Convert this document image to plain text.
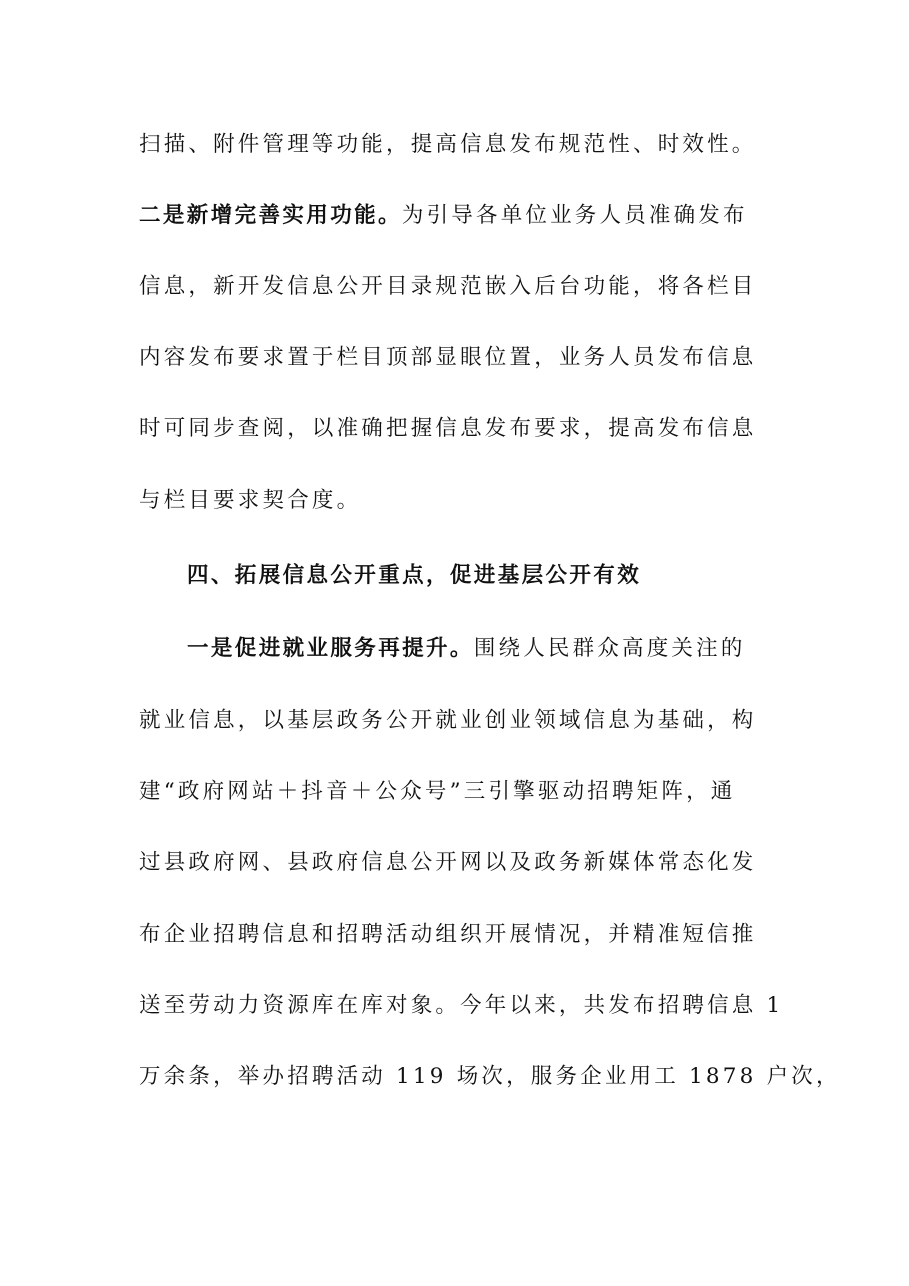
扫描、附件管理等功能，提高信息发布规范性、时效性。
二是新增完善实用功能。为引导各单位业务人员准确发布
信息，新开发信息公开目录规范嵌入后台功能，将各栏目
内容发布要求置于栏目顶部显眼位置，业务人员发布信息
时可同步查阅，以准确把握信息发布要求，提高发布信息
与栏目要求契合度。
四、拓展信息公开重点，促进基层公开有效
一是促进就业服务再提升。围绕人民群众高度关注的
就业信息，以基层政务公开就业创业领域信息为基础，构
建“政府网站＋抖音＋公众号”三引擎驱动招聘矩阵，通
过县政府网、县政府信息公开网以及政务新媒体常态化发
布企业招聘信息和招聘活动组织开展情况，并精准短信推
送至劳动力资源库在库对象。今年以来，共发布招聘信息 1
万余条，举办招聘活动 119 场次，服务企业用工 1878 户次，
